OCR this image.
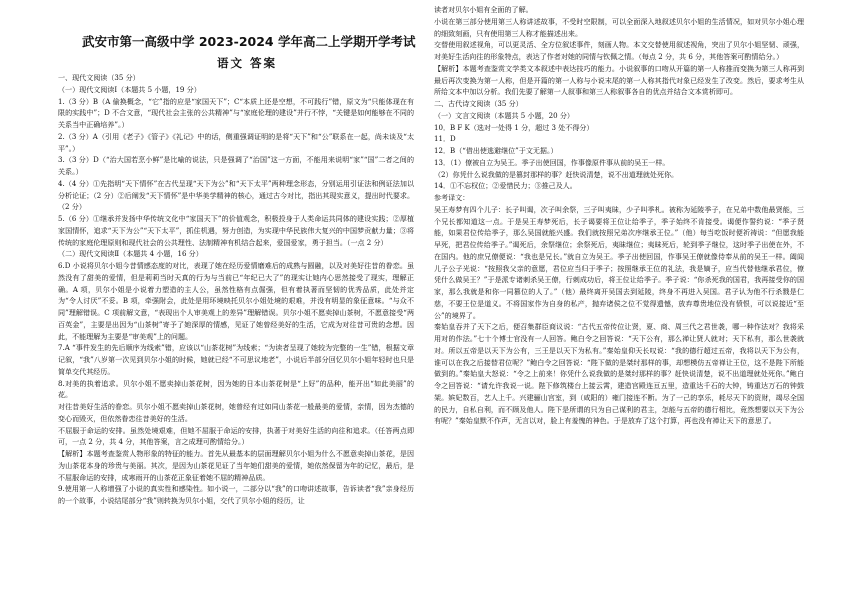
武安市第一高级中学 2023-2024 学年高二上学期开学考试
语文 答案

一、现代文阅读（35 分）

（一）现代文阅读Ⅰ（本题共 5 小题，19 分）

1.（3 分）B（A 偷换概念，“它”指的应是“家国天下”；C“本质上还是空想，不可践行”错，原文为“只能体现在有限的实践中”；D 不合文意，“现代社会主张的公共精神”与“家庭伦理的建设”并行不悖，“关键是如何能够在不同的关系当中正确培养”。）

2.（3 分）A（引用《老子》《管子》《礼记》中的话，侧重强调证明的是将“天下”和“公”联系在一起，尚未谈及“太平”。）

3.（3 分）D（“治大国若烹小鲜”是比喻的说法，只是强调了“治国”这一方面，不能用来说明“家”“国”二者之间的关系。）

4.（4 分）①先指明“天下情怀”在古代呈现“天下为公”和“天下太平”两种理念形态，分别运用引证法和例证法加以分析论证；（2 分）②后阐发“天下情怀”是中华美学精神的核心，通过古今对比，指出其现实意义，提出时代要求。（2 分）

5.（6 分）①继承并发扬中华传统文化中“家国天下”的价值观念，积极投身于人类命运共同体的建设实践；②厚植家国情怀，追求“天下为公”“天下太平”，抓住机遇，努力创造，为实现中华民族伟大复兴的中国梦贡献力量；③将传统的家庭伦理原则和现代社会的公共理性、法制精神有机结合起来，爱国爱家，勇于担当。（一点 2 分）

（二）现代文阅读Ⅱ（本题共 4 小题，16 分）

6.D 小说将贝尔小姐今昔情感态度的对比，表现了她在经历爱情磨难后的成熟与圆融，以及对美好往昔的眷恋。虽然没有了甜美的爱情，但是莉莉当时天真的行为与当前已“年纪已大了”的现实让她内心思然接受了现实，理解正确。A 项，贝尔小姐是小说着力塑造的主人公，虽然性格有点倔强，但有着执著而坚韧的优秀品质，此处并定为“令人讨厌”不妥。B 项，牵强附会，此处是用环境映托贝尔小姐处境的艰难，并没有明显的象征意味。“与众不同”理解错误。C 项前解文意，“表现出个人审美观上的差异”理解错误。贝尔小姐不愿卖掉山茶树，不愿意接受“两百英金”，主要是出因为“山茶树”寄予了她深厚的情感，见证了她曾经美好的生活，它成为对往昔可贵的念想。因此，不能理解为主要是“审美观”上的问题。

7.A “事件发生的先后顺序为线索”错，应该以“山茶花树”为线索；“为读者呈现了她较为完整的一生”错，根据文章记叙，“我”八岁第一次见到贝尔小姐的时候，她就已经“不可思议地老”，小说后半部分回忆贝尔小姐年轻时也只是简单交代其经历。

8.对美的执着追求。贝尔小姐不愿卖掉山茶花树，因为她的日本山茶花树是“上好”的品种，能开出“如此美丽”的花。

对往昔美好生活的眷恋。贝尔小姐不愿卖掉山茶花树，她曾经有过如同山茶花一般最美的爱情，亲情，因为杰德的变心而毁灭，但依然眷恋往昔美好的生活。

不屈服于命运的安排。虽然处境艰难，但她不屈服于命运的安排，执著于对美好生活的向往和追求。（任答两点即可，一点 2 分，共 4 分，其他答案，言之成理可酌情给分。）

【解析】本题考查鉴赏人物形象的特征的能力。首先从最基本的层面理解贝尔小姐为什么不愿意卖掉山茶花，是因为山茶花本身的珍贵与美丽。其次，是因为山茶花见证了当年她们甜美的爱情，她依然保留为年的记忆，最后，是不屈服命运的安排，成寒雨开的山茶花正象征着她不屈的精神品质。

9.使用第一人称增强了小说的真实性和感染性。如小说一，二部分以“我”的口吻讲述故事，告诉读者“我”亲身经历的一个故事，小说结尾部分“我”则转换为贝尔小姐，交代了贝尔小姐的经历，让

读者对贝尔小姐有全面的了解。

小说在第三部分使用第三人称讲述故事，不受时空限制，可以全面深入地叙述贝尔小姐的生活情况，如对贝尔小姐心理的细致刻画，只有使用第三人称才能描述出来。

交替使用叙述视角，可以更灵活、全方位叙述事件，刻画人物。本文交替使用叙述视角，突出了贝尔小姐坚韧、顽强，对美好生活向往的形象特点，表达了作者对她的同情与钦佩之情。（每点 2 分，共 6 分，其他答案可酌情给分。）

【解析】本题考查鉴赏文学类文本叙述中表达技巧的能力。小说叙事的口吻从开篇的第一人称推而变换为第三人称再到最后再次变换为第一人称，但是开篇的第一人称与小说末尾的第一人称其指代对象已经发生了改变。然后，要求考生从所给文本中加以分析。我们先要了解第一人叙事和第三人称叙事各自的优点并结合文本赏析即可。

二、古代诗文阅读（35 分）

（一）文言文阅读（本题共 5 小题，20 分）

10．B F K（选对一处得 1 分，超过 3 处不得分）

11．D

12．B（“借出使逃避继位”于文无据。）

13．（1）僚被自立为吴王。季子出使回国，作事像原件事从前的吴王一样。

（2）你凭什么说我做的是篡封那样的事？赶快说清楚，说不出道理就处死你。

14．①不忘权位；②爱惜民力；③推己及人。

参考译文：

吴王寿梦有四个儿子：长子叫谒，次子叫余祭，三子叫夷昧，少子叫季札。被称为延陵季子，在兄弟中数他最贤能，三个兄长都知道这一点。于是吴王寿梦死后，长子谒要将王位让给季子，季子始终不肯接受。谒便作誓约说：“季子贤能，如果君位传给季子，那么吴国就能兴盛。我们就按照兄弟次序继承王位。”（他）每当吃饭时便祈祷说：“但愿我能早死，把君位传给季子。”谒死后，余祭继位；余祭死后，夷昧继位；夷昧死后，轮到季子继位，这时季子出使在外，不在国内。他的庶兄僚便说：“我也是兄长。”就自立为吴王。季子出使回国，作事吴王僚就像侍奉从前的吴王一样。阖闾儿子公子光说：“按照我父亲的意愿，君位应当归于季子；按照继承王位的礼法，我是嫡子，应当代替他继承君位，僚凭什么做吴王？”于是派专诸刺杀吴王僚，行刺成功后，将王位让给季子。季子说：“你杀死我的国君，我再接受你的国家，那么我就是和你一同篡位的人了。”（他）最终离开吴国去到延陵，终身不再进入吴国。君子认为他不行杀戮是仁慈，不要王位是道义。不将国家作为自身的私产，抛弃诸侯之位不觉得遗憾，放弃尊贵地位没有愤恨，可以说接近“至公”的境界了。

秦始皇吞并了天下之后，便召集群臣商议说：“古代五帝传位让贤，夏、商、周三代之君世袭，哪一种作法对？我将采用对的作法。”七十个博士官没有一人回答。鲍白令之回答说：“天下公有，那么禅让贤人就对；天下私有，那么世袭就对。所以五帝是以天下为公有，三王是以天下为私有。”秦始皇仰天长叹说：“我的德行超过五帝，我将以天下为公有，谁可以在我之后接替君位呢？”鲍白令之回答说：“陛下做的是桀纣那样的事，却想模仿五帝禅让王位，这不是陛下所能做到的。”秦始皇大怒说：“令之上前来！你凭什么说我做的是桀纣那样的事？赶快说清楚，说不出道理就处死你。”鲍白令之回答说：“请允许我说一说。陛下修筑楼台上接云霄，建造宫殿连亘五里，造重达千石的大钟，铸重达万石的钟鼓架。嫔妃数百，艺人上千。兴建骊山宫室，到（咸阳的）雍门接连不断。为了一己的享乐，耗尽天下的资财，竭尽全国的民力，自私自利，而不顾及他人。陛下是所谓的只为自己谋利的君主，怎能与五帝的德行相比，竟然想要以天下为公有呢？”秦始皇默不作声，无言以对，脸上有羞愧的神色。于是放弃了这个打算，再也没有禅让天下的意思了。
